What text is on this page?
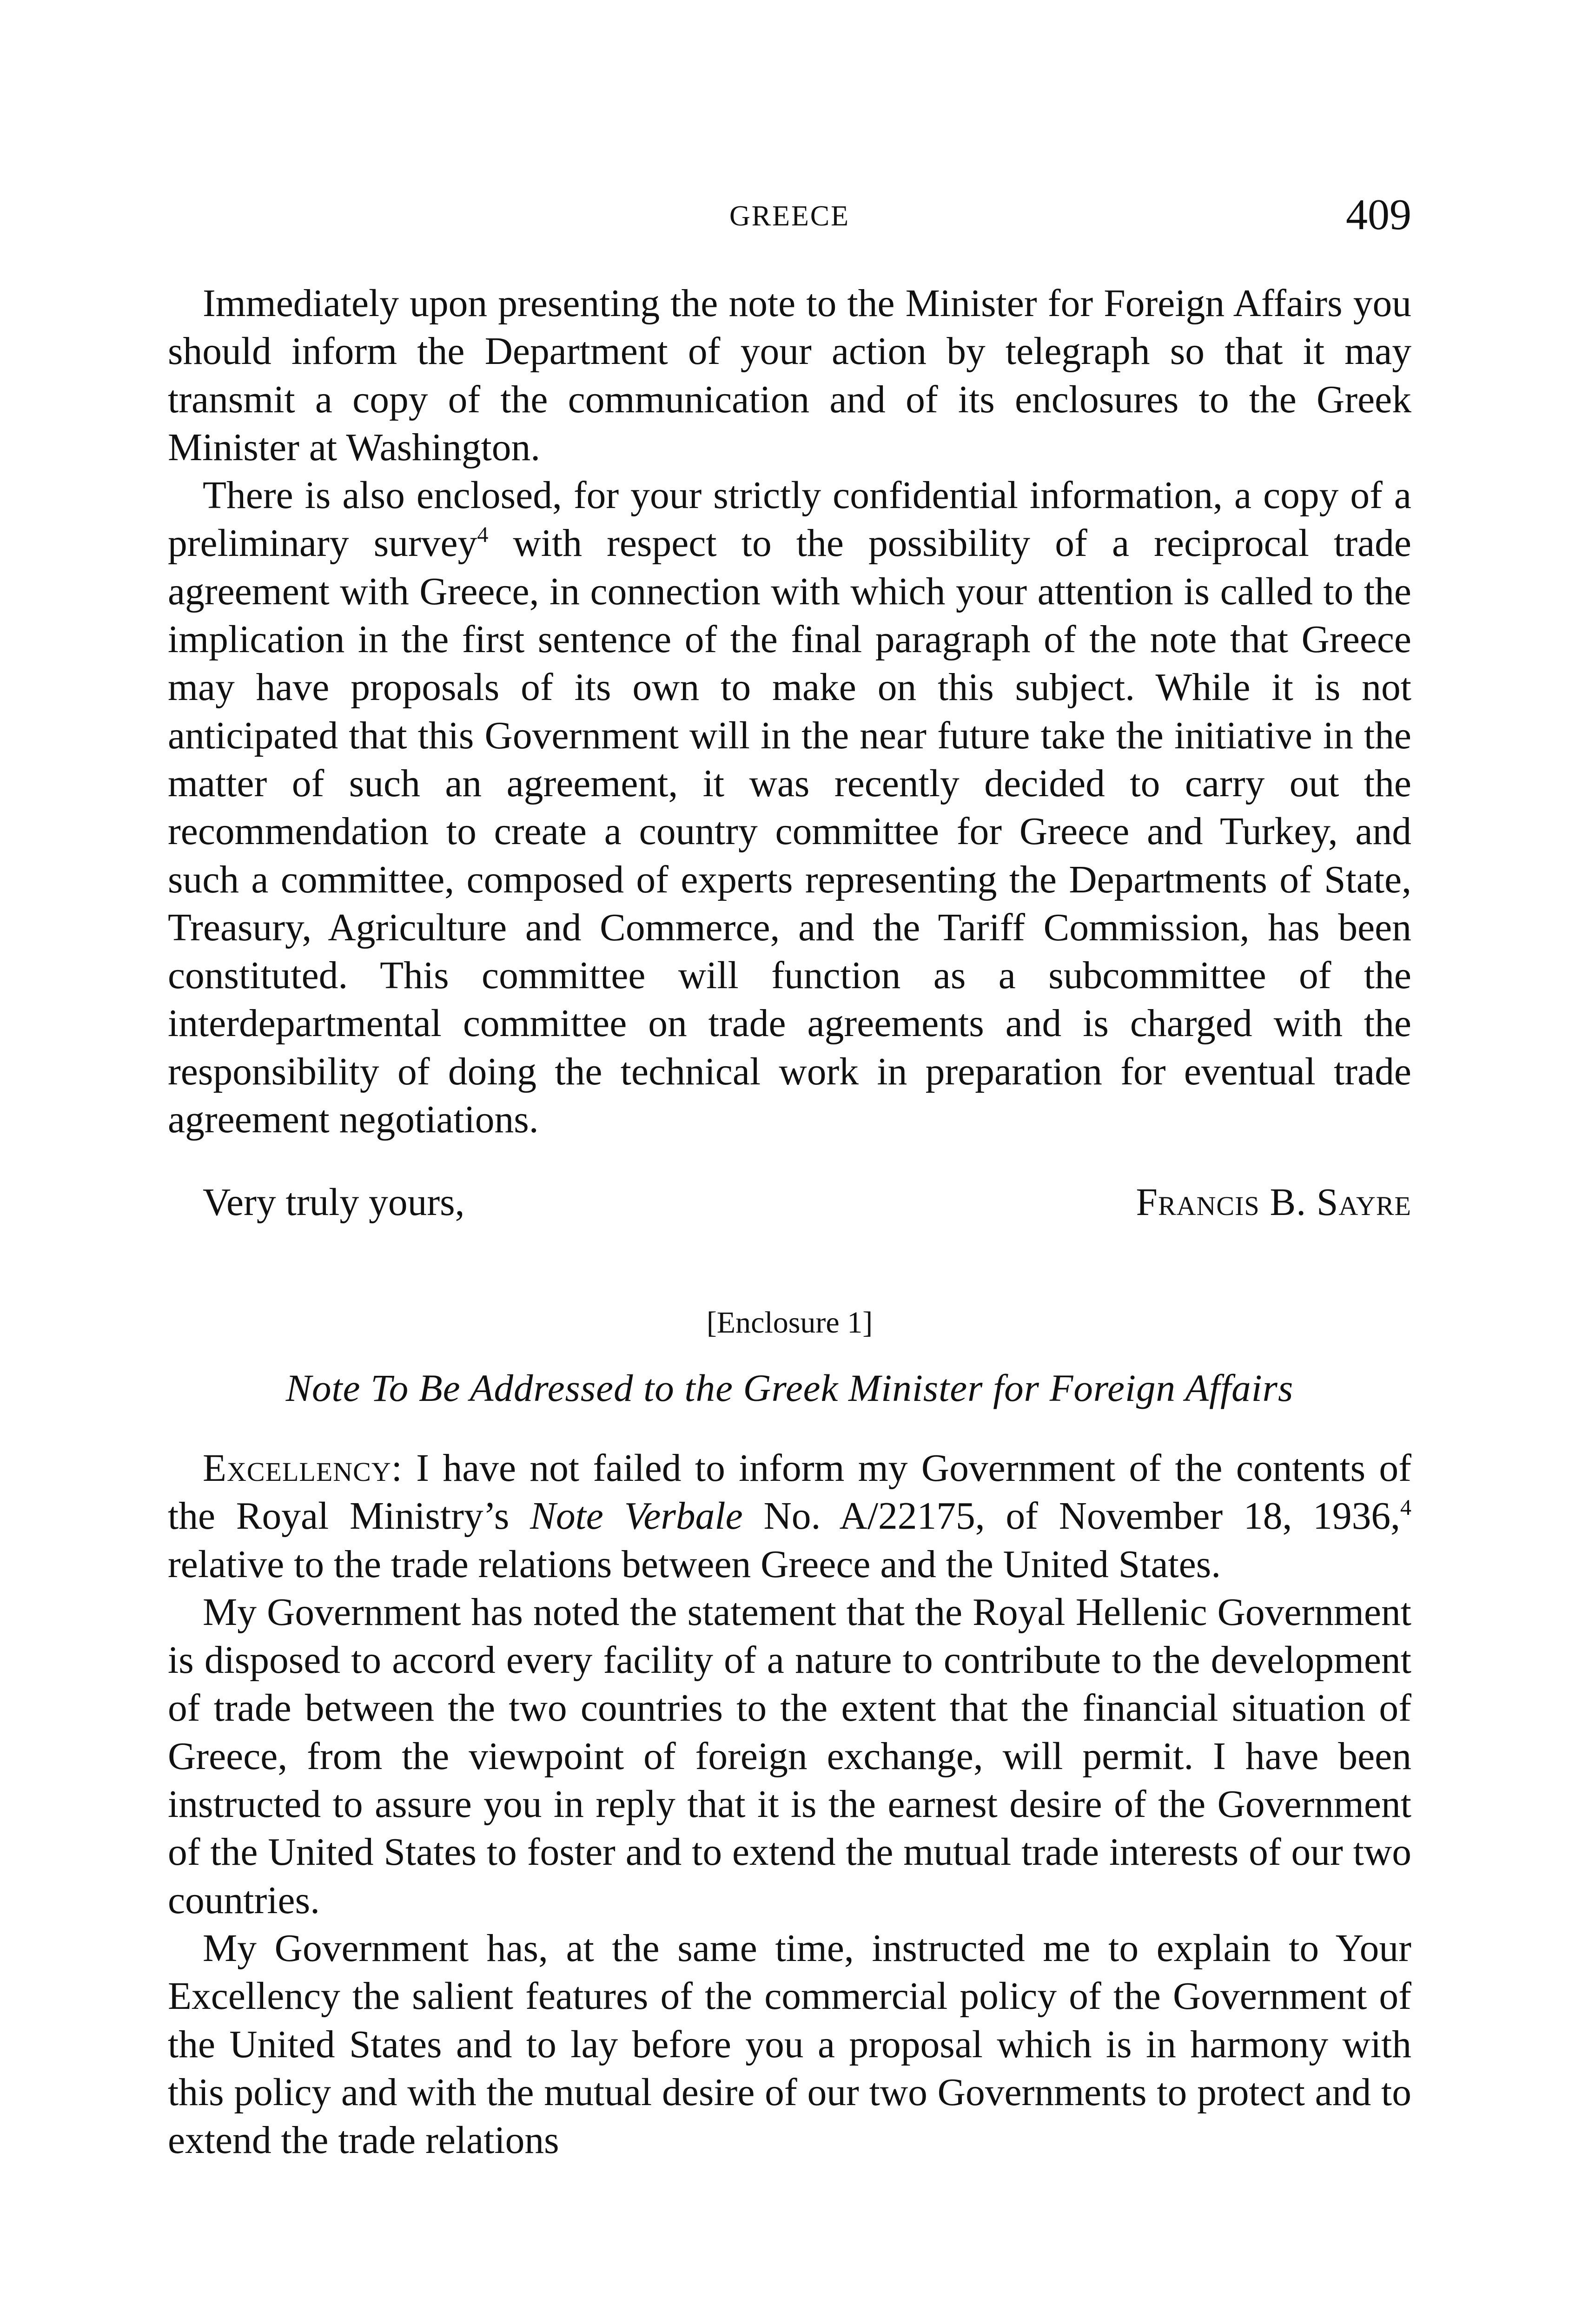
GREECE	409

Immediately upon presenting the note to the Minister for Foreign Affairs you should inform the Department of your action by telegraph so that it may transmit a copy of the communication and of its enclosures to the Greek Minister at Washington.

There is also enclosed, for your strictly confidential information, a copy of a preliminary survey$^4$ with respect to the possibility of a reciprocal trade agreement with Greece, in connection with which your attention is called to the implication in the first sentence of the final paragraph of the note that Greece may have proposals of its own to make on this subject. While it is not anticipated that this Government will in the near future take the initiative in the matter of such an agreement, it was recently decided to carry out the recommendation to create a country committee for Greece and Turkey, and such a committee, composed of experts representing the Departments of State, Treasury, Agriculture and Commerce, and the Tariff Commission, has been constituted. This committee will function as a subcommittee of the interdepartmental committee on trade agreements and is charged with the responsibility of doing the technical work in preparation for eventual trade agreement negotiations.

Very truly yours,	Francis B. Sayre
[Enclosure 1]
Note To Be Addressed to the Greek Minister for Foreign Affairs

Excellency: I have not failed to inform my Government of the contents of the Royal Ministry’s Note Verbale No. A/22175, of November 18, 1936,$^4$ relative to the trade relations between Greece and the United States.

My Government has noted the statement that the Royal Hellenic Government is disposed to accord every facility of a nature to contribute to the development of trade between the two countries to the extent that the financial situation of Greece, from the viewpoint of foreign exchange, will permit. I have been instructed to assure you in reply that it is the earnest desire of the Government of the United States to foster and to extend the mutual trade interests of our two countries.

My Government has, at the same time, instructed me to explain to Your Excellency the salient features of the commercial policy of the Government of the United States and to lay before you a proposal which is in harmony with this policy and with the mutual desire of our two Governments to protect and to extend the trade relations
